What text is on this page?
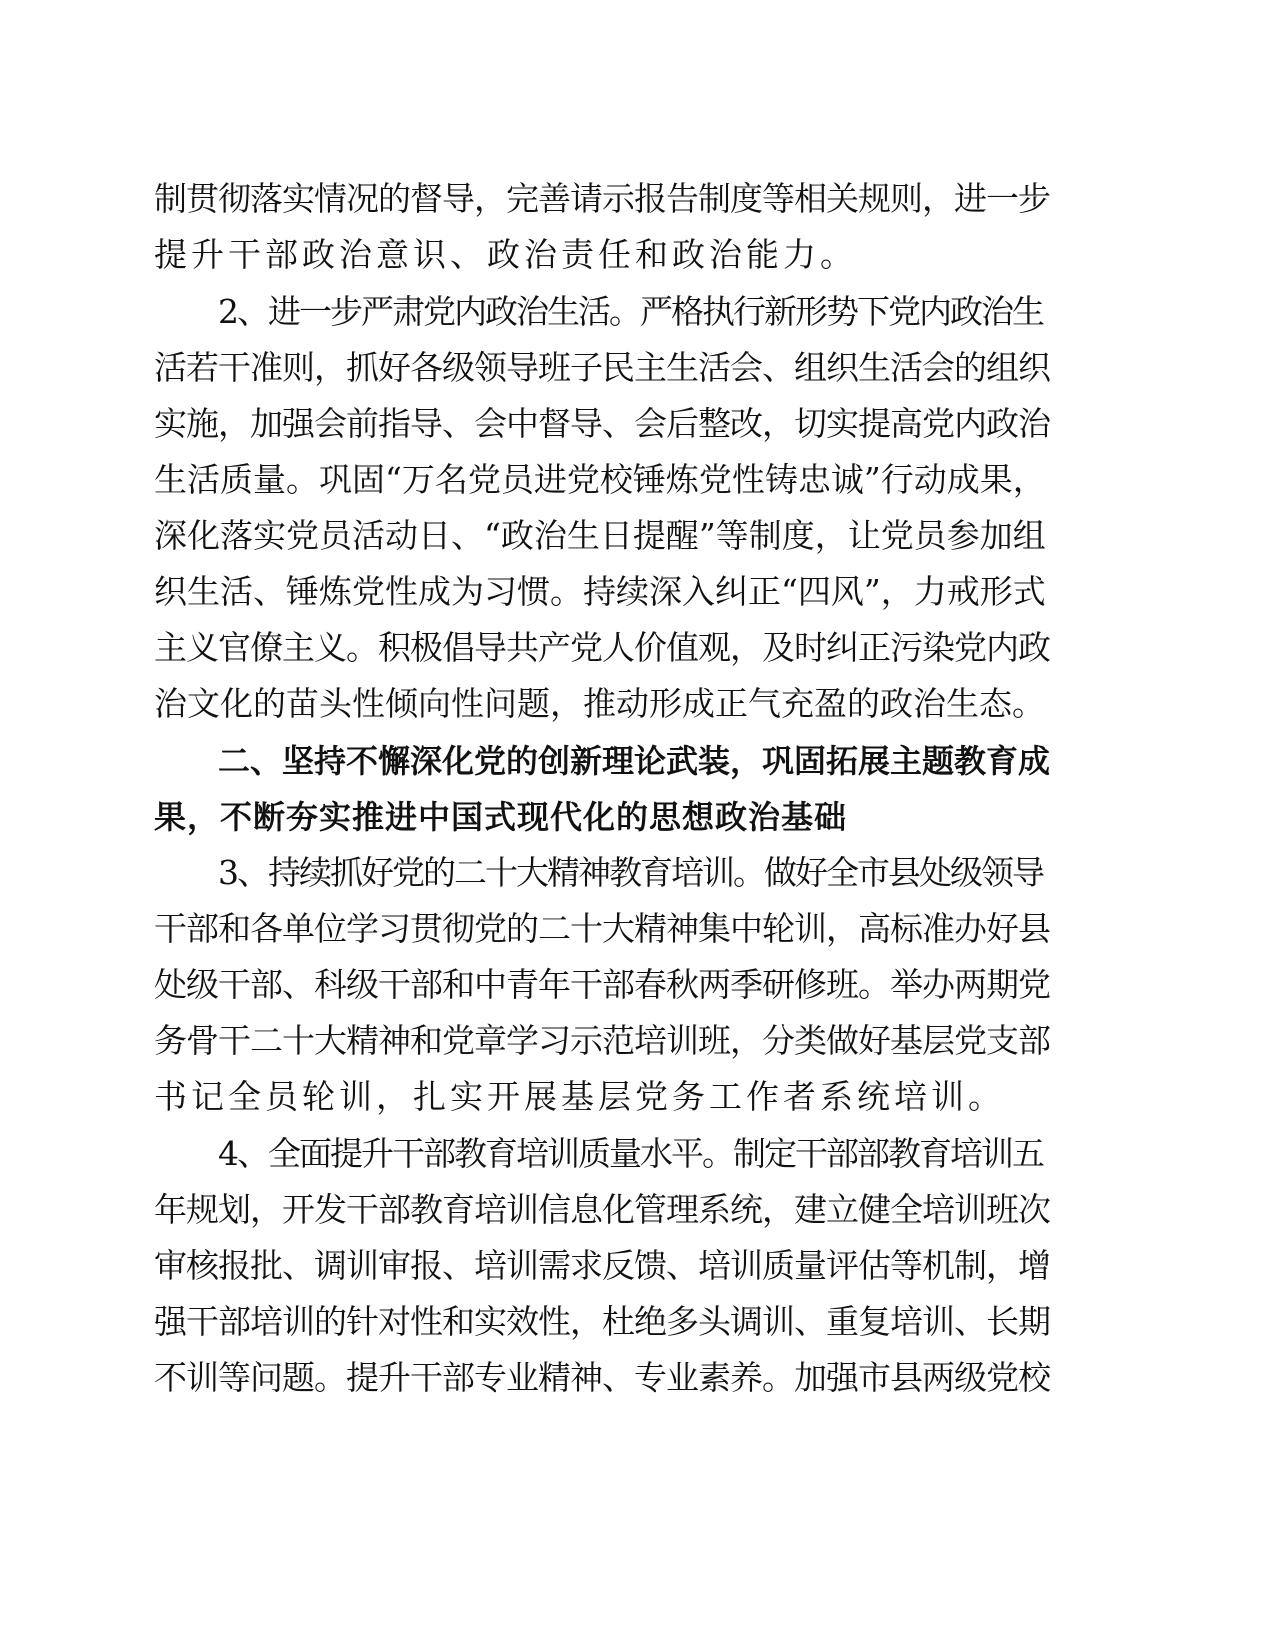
制贯彻落实情况的督导，完善请示报告制度等相关规则，进一步
提升干部政治意识、政治责任和政治能力。
2、进一步严肃党内政治生活。严格执行新形势下党内政治生
活若干准则，抓好各级领导班子民主生活会、组织生活会的组织
实施，加强会前指导、会中督导、会后整改，切实提高党内政治
生活质量。巩固“万名党员进党校锤炼党性铸忠诚”行动成果，
深化落实党员活动日、“政治生日提醒”等制度，让党员参加组
织生活、锤炼党性成为习惯。持续深入纠正“四风”，力戒形式
主义官僚主义。积极倡导共产党人价值观，及时纠正污染党内政
治文化的苗头性倾向性问题，推动形成正气充盈的政治生态。
二、坚持不懈深化党的创新理论武装，巩固拓展主题教育成
果，不断夯实推进中国式现代化的思想政治基础
3、持续抓好党的二十大精神教育培训。做好全市县处级领导
干部和各单位学习贯彻党的二十大精神集中轮训，高标准办好县
处级干部、科级干部和中青年干部春秋两季研修班。举办两期党
务骨干二十大精神和党章学习示范培训班，分类做好基层党支部
书记全员轮训，扎实开展基层党务工作者系统培训。
4、全面提升干部教育培训质量水平。制定干部部教育培训五
年规划，开发干部教育培训信息化管理系统，建立健全培训班次
审核报批、调训审报、培训需求反馈、培训质量评估等机制，增
强干部培训的针对性和实效性，杜绝多头调训、重复培训、长期
不训等问题。提升干部专业精神、专业素养。加强市县两级党校
